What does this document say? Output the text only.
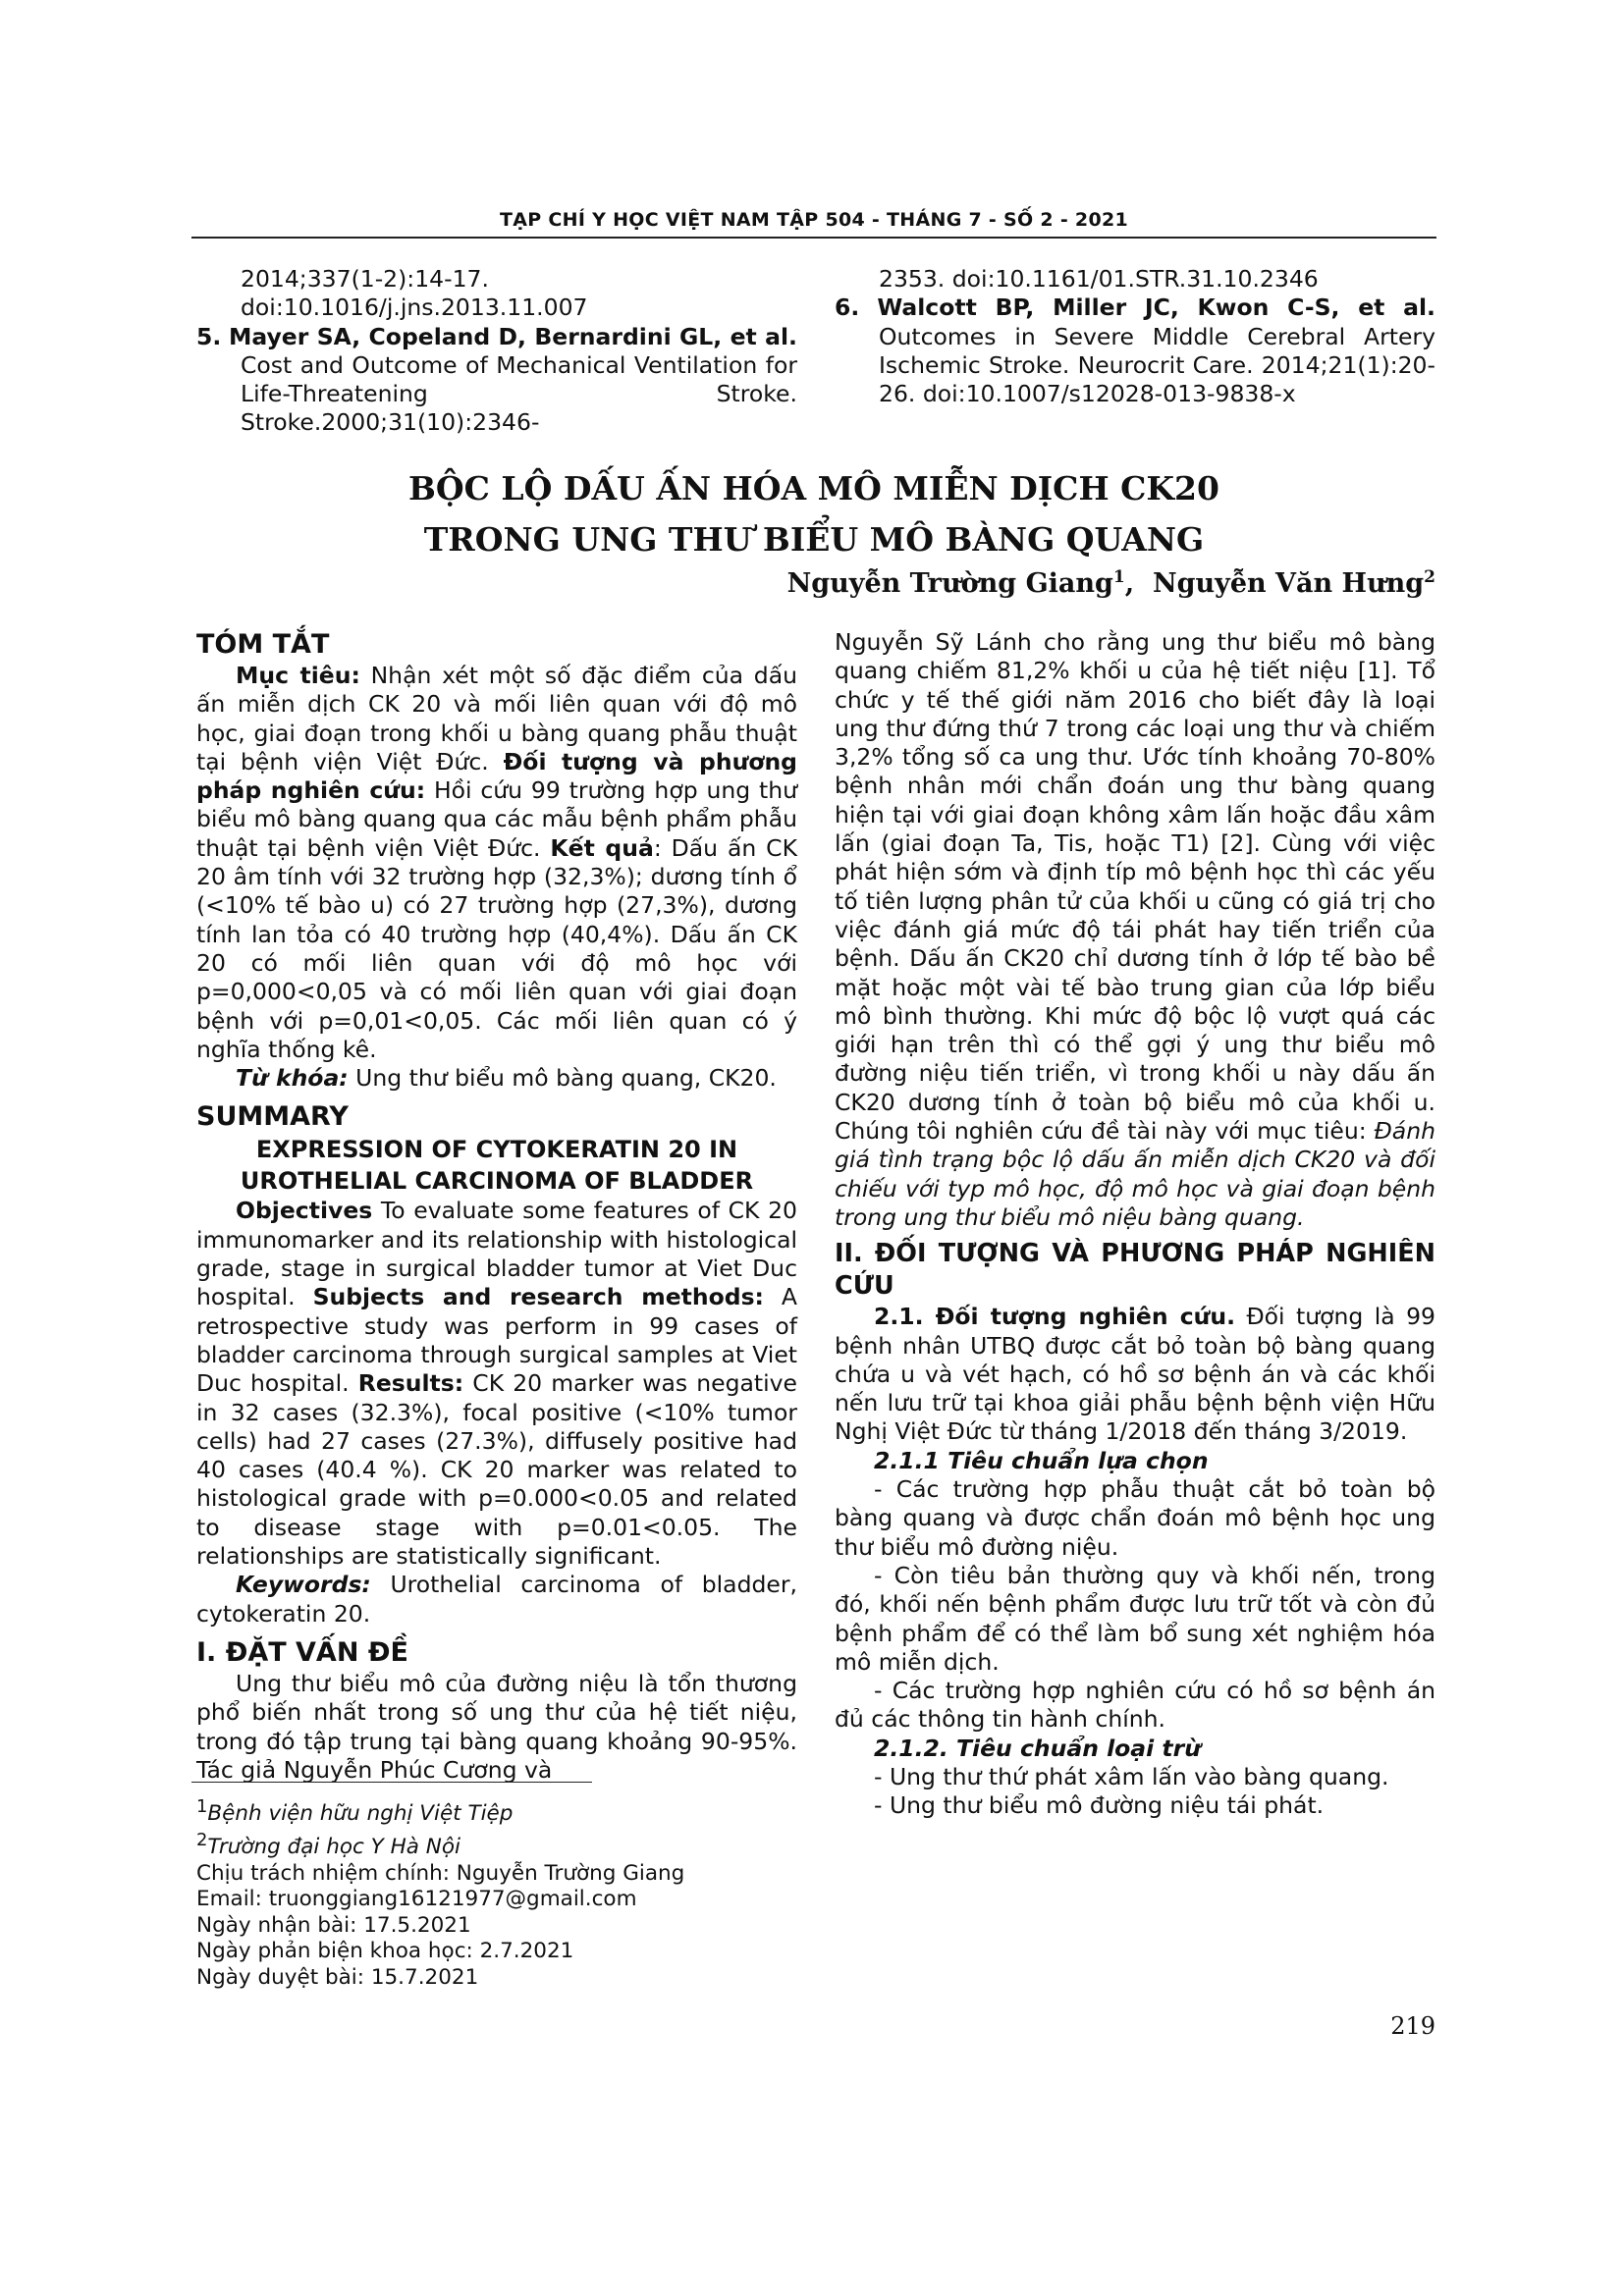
TẠP CHÍ Y HỌC VIỆT NAM TẬP 504 - THÁNG 7 - SỐ 2 - 2021

2014;337(1-2):14-17.

doi:10.1016/j.jns.2013.11.007

5. Mayer SA, Copeland D, Bernardini GL, et al. Cost and Outcome of Mechanical Ventilation for Life-Threatening Stroke. Stroke.2000;31(10):2346-

2353. doi:10.1161/01.STR.31.10.2346

6. Walcott BP, Miller JC, Kwon C-S, et al. Outcomes in Severe Middle Cerebral Artery Ischemic Stroke. Neurocrit Care. 2014;21(1):20-26. doi:10.1007/s12028-013-9838-x

BỘC LỘ DẤU ẤN HÓA MÔ MIỄN DỊCH CK20
TRONG UNG THƯ BIỂU MÔ BÀNG QUANG
Nguyễn Trường Giang$^1$,  Nguyễn Văn Hưng$^2$
TÓM TẮT

Mục tiêu: Nhận xét một số đặc điểm của dấu ấn miễn dịch CK 20 và mối liên quan với độ mô học, giai đoạn trong khối u bàng quang phẫu thuật tại bệnh viện Việt Đức. Đối tượng và phương pháp nghiên cứu: Hồi cứu 99 trường hợp ung thư biểu mô bàng quang qua các mẫu bệnh phẩm phẫu thuật tại bệnh viện Việt Đức. Kết quả: Dấu ấn CK 20 âm tính với 32 trường hợp (32,3%); dương tính ổ (<10% tế bào u) có 27 trường hợp (27,3%), dương tính lan tỏa có 40 trường hợp (40,4%). Dấu ấn CK 20 có mối liên quan với độ mô học với p=0,000<0,05 và có mối liên quan với giai đoạn bệnh với p=0,01<0,05. Các mối liên quan có ý nghĩa thống kê.

Từ khóa: Ung thư biểu mô bàng quang, CK20.

SUMMARY
EXPRESSION OF CYTOKERATIN 20 IN
UROTHELIAL CARCINOMA OF BLADDER

Objectives To evaluate some features of CK 20 immunomarker and its relationship with histological grade, stage in surgical bladder tumor at Viet Duc hospital. Subjects and research methods: A retrospective study was perform in 99 cases of bladder carcinoma through surgical samples at Viet Duc hospital. Results: CK 20 marker was negative in 32 cases (32.3%), focal positive (<10% tumor cells) had 27 cases (27.3%), diffusely positive had 40 cases (40.4 %). CK 20 marker was related to histological grade with p=0.000<0.05 and related to disease stage with p=0.01<0.05. The relationships are statistically significant.

Keywords: Urothelial carcinoma of bladder, cytokeratin 20.

I. ĐẶT VẤN ĐỀ

Ung thư biểu mô của đường niệu là tổn thương phổ biến nhất trong số ung thư của hệ tiết niệu, trong đó tập trung tại bàng quang khoảng 90-95%. Tác giả Nguyễn Phúc Cương và

Nguyễn Sỹ Lánh cho rằng ung thư biểu mô bàng quang chiếm 81,2% khối u của hệ tiết niệu [1]. Tổ chức y tế thế giới năm 2016 cho biết đây là loại ung thư đứng thứ 7 trong các loại ung thư và chiếm 3,2% tổng số ca ung thư. Ước tính khoảng 70-80% bệnh nhân mới chẩn đoán ung thư bàng quang hiện tại với giai đoạn không xâm lấn hoặc đầu xâm lấn (giai đoạn Ta, Tis, hoặc T1) [2]. Cùng với việc phát hiện sớm và định típ mô bệnh học thì các yếu tố tiên lượng phân tử của khối u cũng có giá trị cho việc đánh giá mức độ tái phát hay tiến triển của bệnh. Dấu ấn CK20 chỉ dương tính ở lớp tế bào bề mặt hoặc một vài tế bào trung gian của lớp biểu mô bình thường. Khi mức độ bộc lộ vượt quá các giới hạn trên thì có thể gợi ý ung thư biểu mô đường niệu tiến triển, vì trong khối u này dấu ấn CK20 dương tính ở toàn bộ biểu mô của khối u. Chúng tôi nghiên cứu đề tài này với mục tiêu: Đánh giá tình trạng bộc lộ dấu ấn miễn dịch CK20 và đối chiếu với typ mô học, độ mô học và giai đoạn bệnh trong ung thư biểu mô niệu bàng quang.

II. ĐỐI TƯỢNG VÀ PHƯƠNG PHÁP NGHIÊN CỨU

2.1. Đối tượng nghiên cứu. Đối tượng là 99 bệnh nhân UTBQ được cắt bỏ toàn bộ bàng quang chứa u và vét hạch, có hồ sơ bệnh án và các khối nến lưu trữ tại khoa giải phẫu bệnh bệnh viện Hữu Nghị Việt Đức từ tháng 1/2018 đến tháng 3/2019.

2.1.1 Tiêu chuẩn lựa chọn

- Các trường hợp phẫu thuật cắt bỏ toàn bộ bàng quang và được chẩn đoán mô bệnh học ung thư biểu mô đường niệu.

- Còn tiêu bản thường quy và khối nến, trong đó, khối nến bệnh phẩm được lưu trữ tốt và còn đủ bệnh phẩm để có thể làm bổ sung xét nghiệm hóa mô miễn dịch.

- Các trường hợp nghiên cứu có hồ sơ bệnh án đủ các thông tin hành chính.

2.1.2. Tiêu chuẩn loại trừ

- Ung thư thứ phát xâm lấn vào bàng quang.

- Ung thư biểu mô đường niệu tái phát.

$^1$Bệnh viện hữu nghị Việt Tiệp
$^2$Trường đại học Y Hà Nội
Chịu trách nhiệm chính: Nguyễn Trường Giang
Email: truonggiang16121977@gmail.com
Ngày nhận bài: 17.5.2021
Ngày phản biện khoa học: 2.7.2021
Ngày duyệt bài: 15.7.2021
219
